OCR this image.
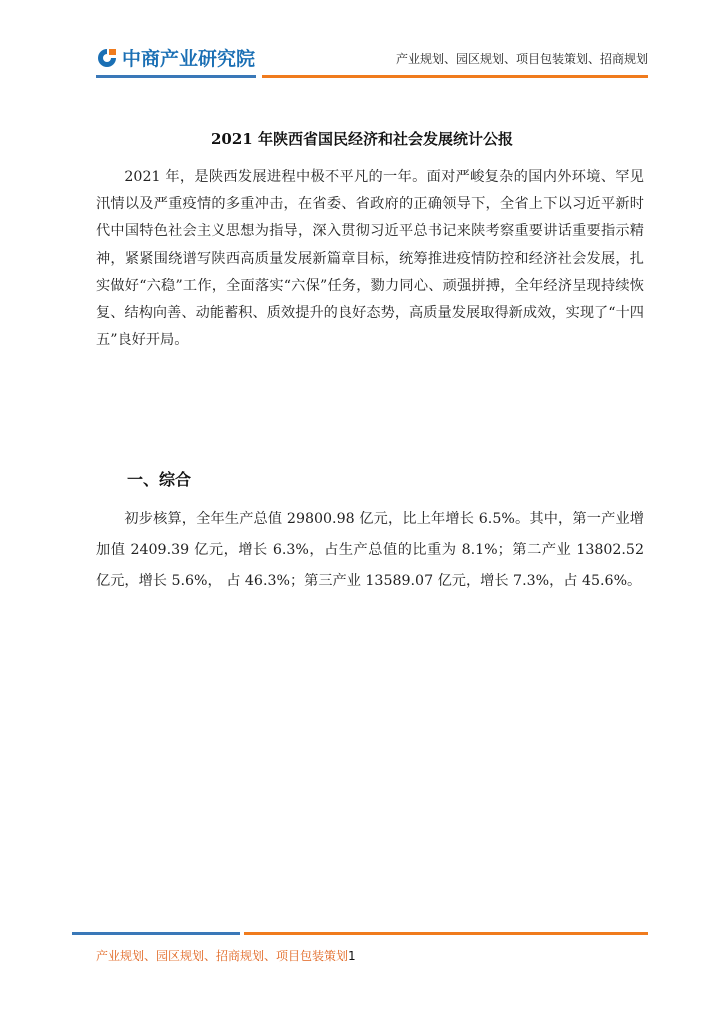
中商产业研究院	产业规划、园区规划、项目包装策划、招商规划
2021 年陕西省国民经济和社会发展统计公报

2021 年，是陕西发展进程中极不平凡的一年。面对严峻复杂的国内外环境、罕见汛情以及严重疫情的多重冲击，在省委、省政府的正确领导下，全省上下以习近平新时代中国特色社会主义思想为指导，深入贯彻习近平总书记来陕考察重要讲话重要指示精神，紧紧围绕谱写陕西高质量发展新篇章目标，统筹推进疫情防控和经济社会发展，扎实做好“六稳”工作，全面落实“六保”任务，勠力同心、顽强拼搏，全年经济呈现持续恢复、结构向善、动能蓄积、质效提升的良好态势，高质量发展取得新成效，实现了“十四五”良好开局。

一、综合

初步核算，全年生产总值 29800.98 亿元，比上年增长 6.5%。其中，第一产业增加值 2409.39 亿元，增长 6.3%，占生产总值的比重为 8.1%；第二产业 13802.52 亿元，增长 5.6%， 占 46.3%；第三产业 13589.07 亿元，增长 7.3%，占 45.6%。

产业规划、园区规划、招商规划、项目包装策划1
